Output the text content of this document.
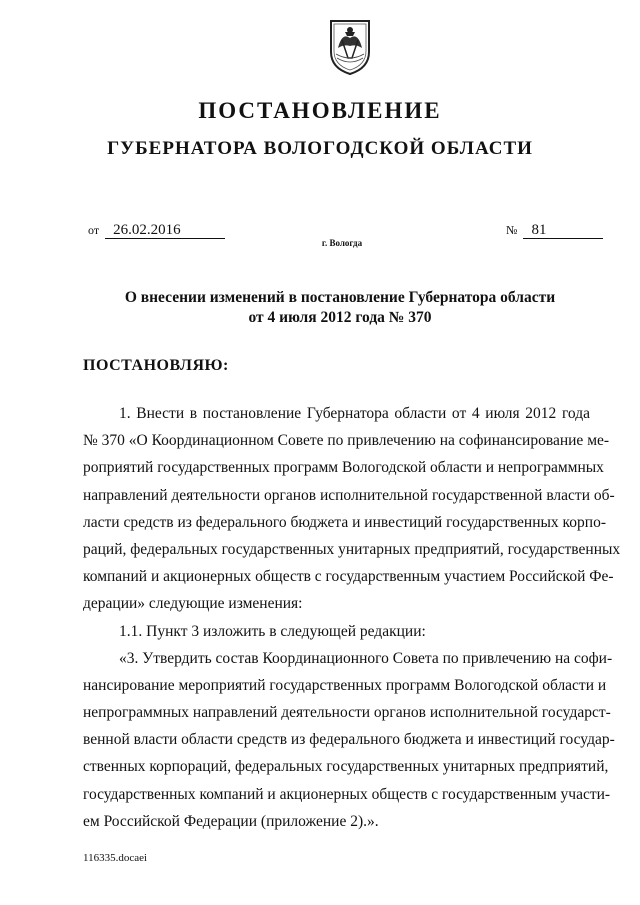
ПОСТАНОВЛЕНИЕ
ГУБЕРНАТОРА ВОЛОГОДСКОЙ ОБЛАСТИ
от 26.02.2016	№ 81
г. Вологда
О внесении изменений в постановление Губернатора области
от 4 июля 2012 года № 370
ПОСТАНОВЛЯЮ:
1. Внести в постановление Губернатора области от 4 июля 2012 года
№ 370 «О Координационном Совете по привлечению на софинансирование ме-
роприятий государственных программ Вологодской области и непрограммных
направлений деятельности органов исполнительной государственной власти об-
ласти средств из федерального бюджета и инвестиций государственных корпо-
раций, федеральных государственных унитарных предприятий, государственных
компаний и акционерных обществ с государственным участием Российской Фе-
дерации» следующие изменения:
1.1. Пункт 3 изложить в следующей редакции:
«3. Утвердить состав Координационного Совета по привлечению на софи-
нансирование мероприятий государственных программ Вологодской области и
непрограммных направлений деятельности органов исполнительной государст-
венной власти области средств из федерального бюджета и инвестиций государ-
ственных корпораций, федеральных государственных унитарных предприятий,
государственных компаний и акционерных обществ с государственным участи-
ем Российской Федерации (приложение 2).».
116335.docaei
